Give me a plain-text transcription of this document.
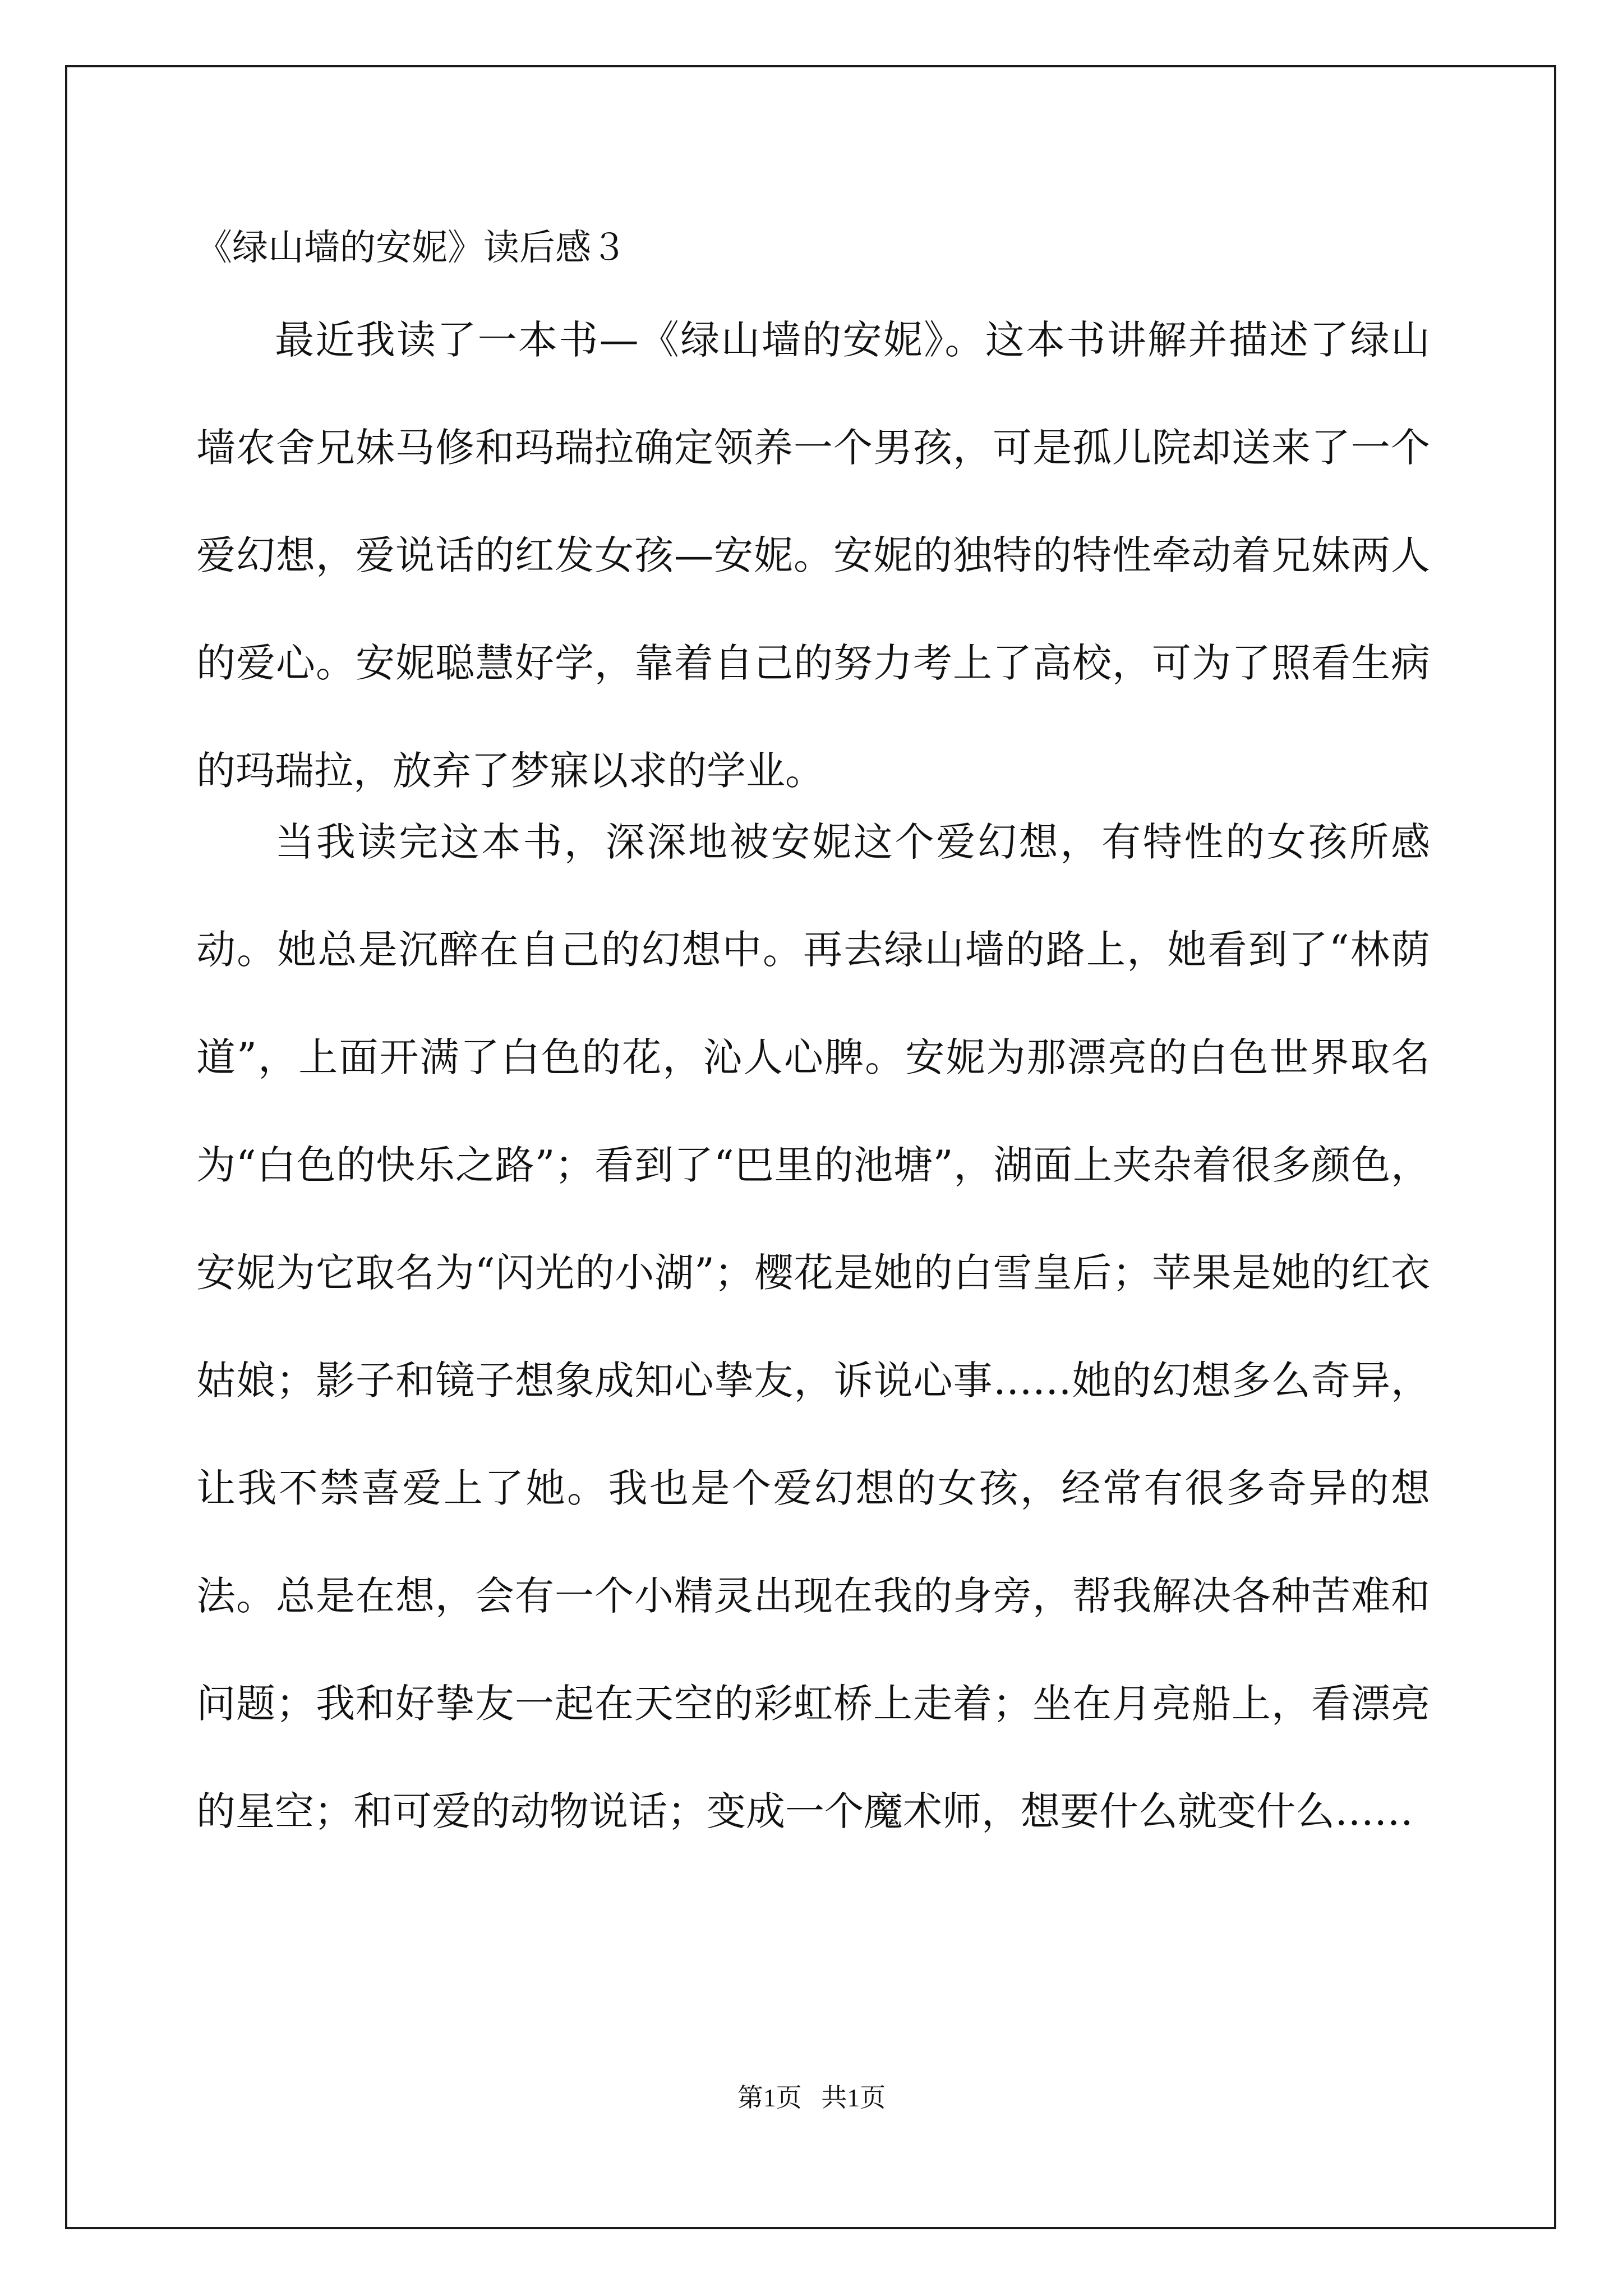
《绿山墙的安妮》读后感３

最近我读了一本书—《绿山墙的安妮》。这本书讲解并描述了绿山墙农舍兄妹马修和玛瑞拉确定领养一个男孩，可是孤儿院却送来了一个爱幻想，爱说话的红发女孩—安妮。安妮的独特的特性牵动着兄妹两人的爱心。安妮聪慧好学，靠着自己的努力考上了高校，可为了照看生病的玛瑞拉，放弃了梦寐以求的学业。

当我读完这本书，深深地被安妮这个爱幻想，有特性的女孩所感动。她总是沉醉在自己的幻想中。再去绿山墙的路上，她看到了“林荫道”，上面开满了白色的花，沁人心脾。安妮为那漂亮的白色世界取名为“白色的快乐之路”；看到了“巴里的池塘”，湖面上夹杂着很多颜色，安妮为它取名为“闪光的小湖”；樱花是她的白雪皇后；苹果是她的红衣姑娘；影子和镜子想象成知心挚友，诉说心事……她的幻想多么奇异，让我不禁喜爱上了她。我也是个爱幻想的女孩，经常有很多奇异的想法。总是在想，会有一个小精灵出现在我的身旁，帮我解决各种苦难和问题；我和好挚友一起在天空的彩虹桥上走着；坐在月亮船上，看漂亮的星空；和可爱的动物说话；变成一个魔术师，想要什么就变什么……

第1页   共1页
